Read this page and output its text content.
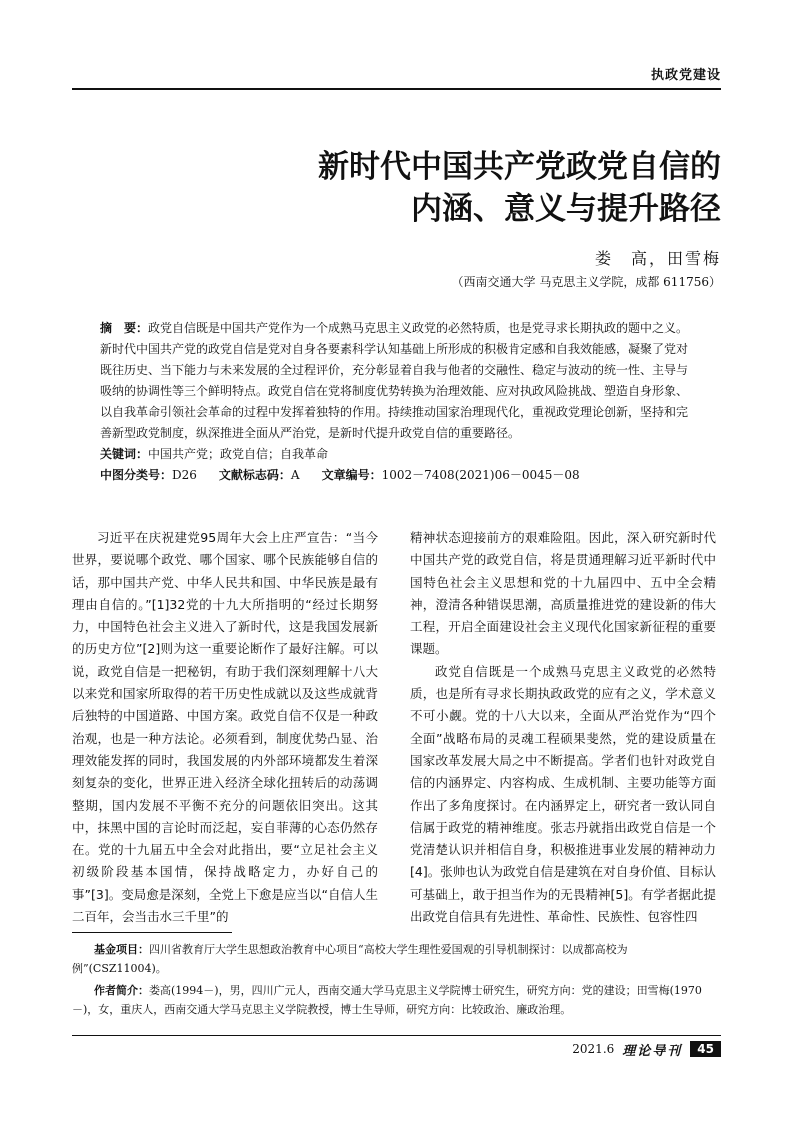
执政党建设
新时代中国共产党政党自信的
内涵、意义与提升路径
娄　高，田雪梅
（西南交通大学 马克思主义学院，成都 611756）
摘　要：政党自信既是中国共产党作为一个成熟马克思主义政党的必然特质，也是党寻求长期执政的题中之义。新时代中国共产党的政党自信是党对自身各要素科学认知基础上所形成的积极肯定感和自我效能感，凝聚了党对既往历史、当下能力与未来发展的全过程评价，充分彰显着自我与他者的交融性、稳定与波动的统一性、主导与吸纳的协调性等三个鲜明特点。政党自信在党将制度优势转换为治理效能、应对执政风险挑战、塑造自身形象、以自我革命引领社会革命的过程中发挥着独特的作用。持续推动国家治理现代化，重视政党理论创新，坚持和完善新型政党制度，纵深推进全面从严治党，是新时代提升政党自信的重要路径。
关键词：中国共产党；政党自信；自我革命
中图分类号：D26 文献标志码：A 文章编号：1002－7408(2021)06－0045－08

习近平在庆祝建党95周年大会上庄严宣告：“当今世界，要说哪个政党、哪个国家、哪个民族能够自信的话，那中国共产党、中华人民共和国、中华民族是最有理由自信的。”[1]32党的十九大所指明的“经过长期努力，中国特色社会主义进入了新时代，这是我国发展新的历史方位”[2]则为这一重要论断作了最好注解。可以说，政党自信是一把秘钥，有助于我们深刻理解十八大以来党和国家所取得的若干历史性成就以及这些成就背后独特的中国道路、中国方案。政党自信不仅是一种政治观，也是一种方法论。必须看到，制度优势凸显、治理效能发挥的同时，我国发展的内外部环境都发生着深刻复杂的变化，世界正进入经济全球化扭转后的动荡调整期，国内发展不平衡不充分的问题依旧突出。这其中，抹黑中国的言论时而泛起，妄自菲薄的心态仍然存在。党的十九届五中全会对此指出，要“立足社会主义初级阶段基本国情，保持战略定力，办好自己的事”[3]。变局愈是深刻，全党上下愈是应当以“自信人生二百年，会当击水三千里”的

精神状态迎接前方的艰难险阻。因此，深入研究新时代中国共产党的政党自信，将是贯通理解习近平新时代中国特色社会主义思想和党的十九届四中、五中全会精神，澄清各种错误思潮，高质量推进党的建设新的伟大工程，开启全面建设社会主义现代化国家新征程的重要课题。

政党自信既是一个成熟马克思主义政党的必然特质，也是所有寻求长期执政政党的应有之义，学术意义不可小觑。党的十八大以来，全面从严治党作为“四个全面”战略布局的灵魂工程硕果斐然，党的建设质量在国家改革发展大局之中不断提高。学者们也针对政党自信的内涵界定、内容构成、生成机制、主要功能等方面作出了多角度探讨。在内涵界定上，研究者一致认同自信属于政党的精神维度。张志丹就指出政党自信是一个党清楚认识并相信自身，积极推进事业发展的精神动力[4]。张帅也认为政党自信是建筑在对自身价值、目标认可基础上，敢于担当作为的无畏精神[5]。有学者据此提出政党自信具有先进性、革命性、民族性、包容性四

基金项目：四川省教育厅大学生思想政治教育中心项目“高校大学生理性爱国观的引导机制探讨：以成都高校为例”(CSZ11004)。

作者简介：娄高(1994－)，男，四川广元人，西南交通大学马克思主义学院博士研究生，研究方向：党的建设；田雪梅(1970－)，女，重庆人，西南交通大学马克思主义学院教授，博士生导师，研究方向：比较政治、廉政治理。

2021.6 理论导刊	45
